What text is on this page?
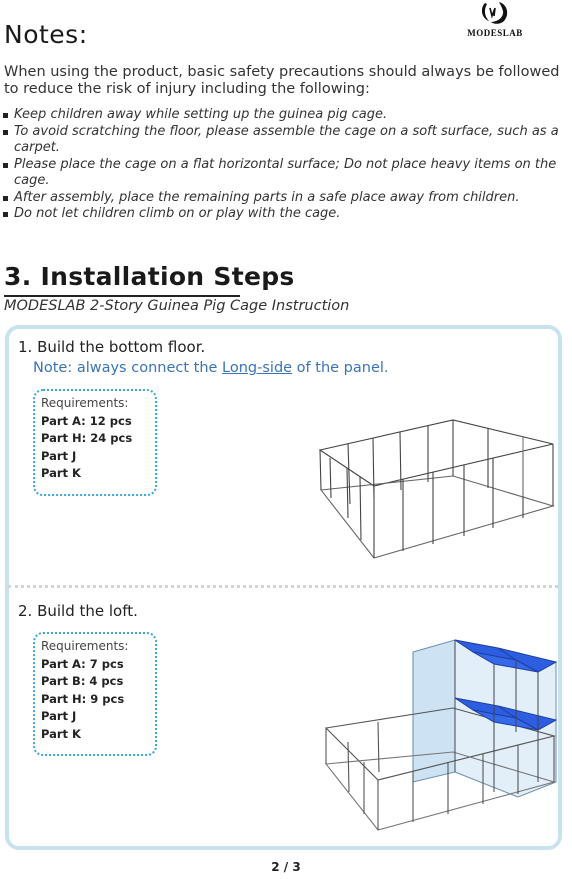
Notes:	MODESLAB
When using the product, basic safety precautions should always be followed to reduce the risk of injury including the following:
Keep children away while setting up the guinea pig cage.
To avoid scratching the floor, please assemble the cage on a soft surface, such as a carpet.
Please place the cage on a flat horizontal surface; Do not place heavy items on the cage.
After assembly, place the remaining parts in a safe place away from children.
Do not let children climb on or play with the cage.
3. Installation Steps
MODESLAB 2-Story Guinea Pig Cage Instruction
1. Build the bottom floor.
Note: always connect the Long-side of the panel.
Requirements:
Part A: 12 pcs
Part H: 24 pcs
Part J
Part K
2. Build the loft.
Requirements:
Part A: 7 pcs
Part B: 4 pcs
Part H: 9 pcs
Part J
Part K
2 / 3
